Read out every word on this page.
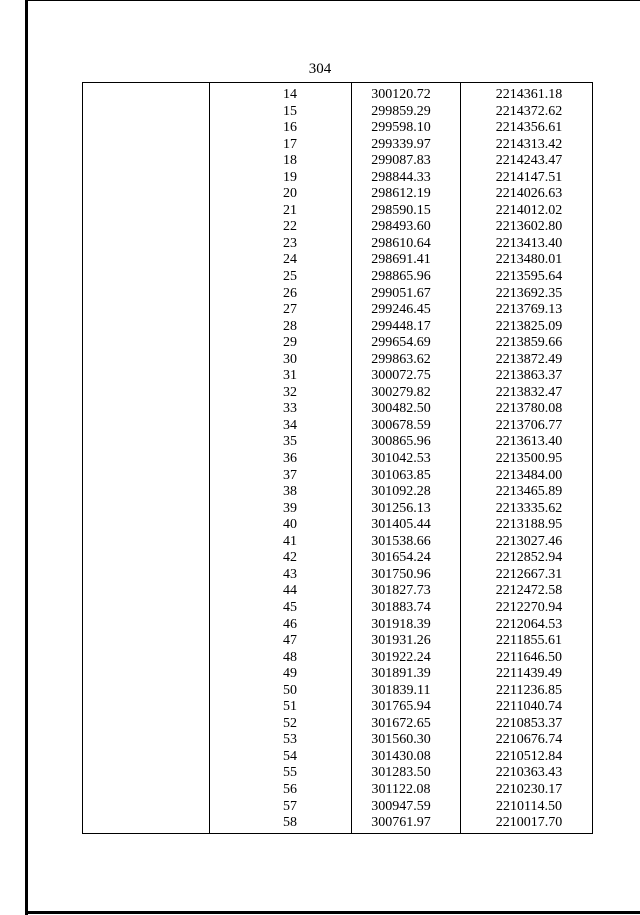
304
14	300120.72	2214361.18
15	299859.29	2214372.62
16	299598.10	2214356.61
17	299339.97	2214313.42
18	299087.83	2214243.47
19	298844.33	2214147.51
20	298612.19	2214026.63
21	298590.15	2214012.02
22	298493.60	2213602.80
23	298610.64	2213413.40
24	298691.41	2213480.01
25	298865.96	2213595.64
26	299051.67	2213692.35
27	299246.45	2213769.13
28	299448.17	2213825.09
29	299654.69	2213859.66
30	299863.62	2213872.49
31	300072.75	2213863.37
32	300279.82	2213832.47
33	300482.50	2213780.08
34	300678.59	2213706.77
35	300865.96	2213613.40
36	301042.53	2213500.95
37	301063.85	2213484.00
38	301092.28	2213465.89
39	301256.13	2213335.62
40	301405.44	2213188.95
41	301538.66	2213027.46
42	301654.24	2212852.94
43	301750.96	2212667.31
44	301827.73	2212472.58
45	301883.74	2212270.94
46	301918.39	2212064.53
47	301931.26	2211855.61
48	301922.24	2211646.50
49	301891.39	2211439.49
50	301839.11	2211236.85
51	301765.94	2211040.74
52	301672.65	2210853.37
53	301560.30	2210676.74
54	301430.08	2210512.84
55	301283.50	2210363.43
56	301122.08	2210230.17
57	300947.59	2210114.50
58	300761.97	2210017.70
